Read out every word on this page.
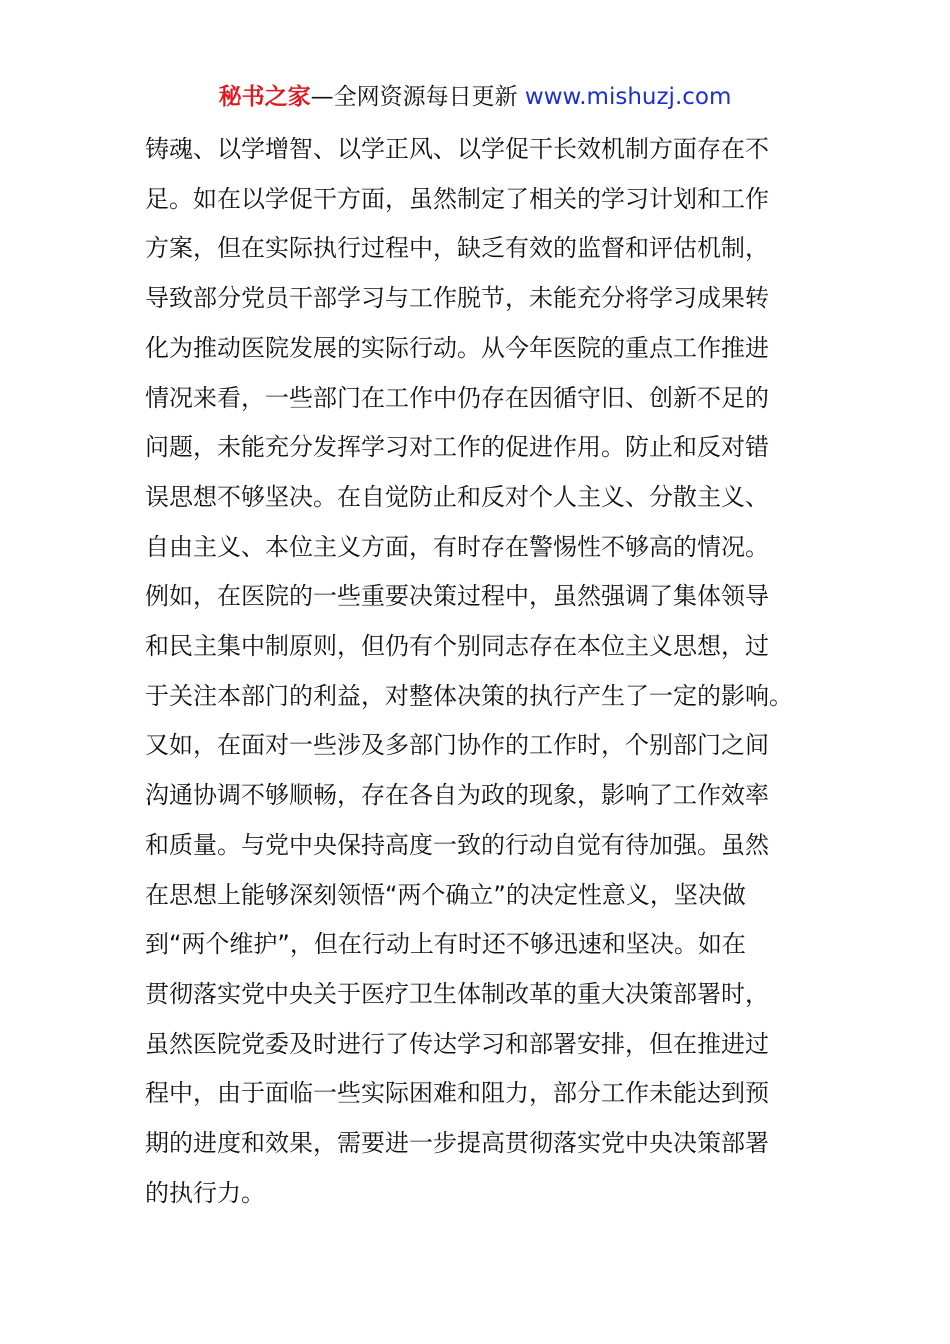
秘书之家—全网资源每日更新 www.mishuzj.com
铸魂、以学增智、以学正风、以学促干长效机制方面存在不
足。如在以学促干方面，虽然制定了相关的学习计划和工作
方案，但在实际执行过程中，缺乏有效的监督和评估机制，
导致部分党员干部学习与工作脱节，未能充分将学习成果转
化为推动医院发展的实际行动。从今年医院的重点工作推进
情况来看，一些部门在工作中仍存在因循守旧、创新不足的
问题，未能充分发挥学习对工作的促进作用。防止和反对错
误思想不够坚决。在自觉防止和反对个人主义、分散主义、
自由主义、本位主义方面，有时存在警惕性不够高的情况。
例如，在医院的一些重要决策过程中，虽然强调了集体领导
和民主集中制原则，但仍有个别同志存在本位主义思想，过
于关注本部门的利益，对整体决策的执行产生了一定的影响。
又如，在面对一些涉及多部门协作的工作时，个别部门之间
沟通协调不够顺畅，存在各自为政的现象，影响了工作效率
和质量。与党中央保持高度一致的行动自觉有待加强。虽然
在思想上能够深刻领悟“两个确立”的决定性意义，坚决做
到“两个维护”，但在行动上有时还不够迅速和坚决。如在
贯彻落实党中央关于医疗卫生体制改革的重大决策部署时，
虽然医院党委及时进行了传达学习和部署安排，但在推进过
程中，由于面临一些实际困难和阻力，部分工作未能达到预
期的进度和效果，需要进一步提高贯彻落实党中央决策部署
的执行力。
